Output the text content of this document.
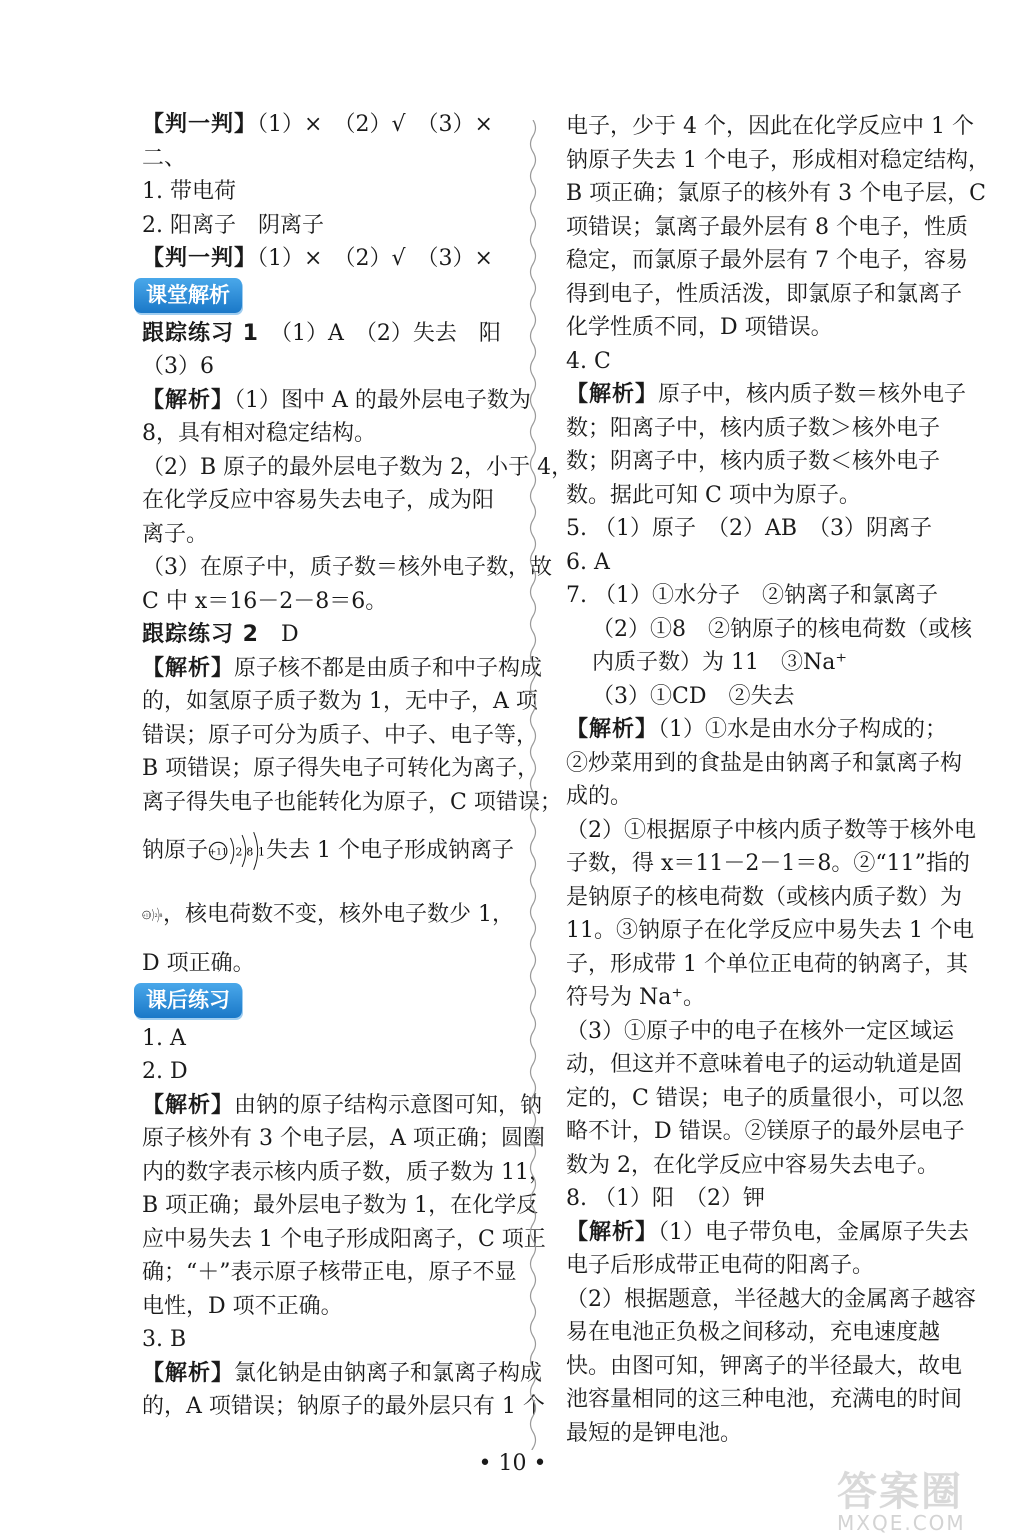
【判一判】（1）×　（2）√　（3）×
二、
1. 带电荷
2. 阳离子　阴离子
【判一判】（1）×　（2）√　（3）×
课堂解析
跟踪练习 1　 （1）A　（2）失去　阳
（3）6
【解析】（1）图中 A 的最外层电子数为
8，具有相对稳定结构。
（2）B 原子的最外层电子数为 2，小于 4，
在化学反应中容易失去电子，成为阳
离子。
（3）在原子中，质子数＝核外电子数，故
C 中 x＝16－2－8＝6。
跟踪练习 2　 D
【解析】原子核不都是由质子和中子构成
的，如氢原子质子数为 1，无中子，A 项
错误；原子可分为质子、中子、电子等，
B 项错误；原子得失电子可转化为离子，
离子得失电子也能转化为原子，C 项错误；
钠原子 +11 2 8 1 失去 1 个电子形成钠离子
+11 2 8 ，核电荷数不变，核外电子数少 1，
D 项正确。
课后练习
1. A
2. D
【解析】由钠的原子结构示意图可知，钠
原子核外有 3 个电子层，A 项正确；圆圈
内的数字表示核内质子数，质子数为 11，
B 项正确；最外层电子数为 1，在化学反
应中易失去 1 个电子形成阳离子，C 项正
确；“＋”表示原子核带正电，原子不显
电性，D 项不正确。
3. B
【解析】氯化钠是由钠离子和氯离子构成
的，A 项错误；钠原子的最外层只有 1 个
电子，少于 4 个，因此在化学反应中 1 个
钠原子失去 1 个电子，形成相对稳定结构，
B 项正确；氯原子的核外有 3 个电子层，C
项错误；氯离子最外层有 8 个电子，性质
稳定，而氯原子最外层有 7 个电子，容易
得到电子，性质活泼，即氯原子和氯离子
化学性质不同，D 项错误。
4. C
【解析】原子中，核内质子数＝核外电子
数；阳离子中，核内质子数＞核外电子
数；阴离子中，核内质子数＜核外电子
数。据此可知 C 项中为原子。
5. （1）原子　（2）AB　（3）阴离子
6. A
7. （1）①水分子　②钠离子和氯离子
（2）①8　②钠原子的核电荷数（或核
内质子数）为 11　③Na⁺
（3）①CD　②失去
【解析】（1）①水是由水分子构成的；
②炒菜用到的食盐是由钠离子和氯离子构
成的。
（2）①根据原子中核内质子数等于核外电
子数，得 x＝11－2－1＝8。②“11”指的
是钠原子的核电荷数（或核内质子数）为
11。③钠原子在化学反应中易失去 1 个电
子，形成带 1 个单位正电荷的钠离子，其
符号为 Na⁺。
（3）①原子中的电子在核外一定区域运
动，但这并不意味着电子的运动轨道是固
定的，C 错误；电子的质量很小，可以忽
略不计，D 错误。②镁原子的最外层电子
数为 2，在化学反应中容易失去电子。
8. （1）阳　（2）钾
【解析】（1）电子带负电，金属原子失去
电子后形成带正电荷的阳离子。
（2）根据题意，半径越大的金属离子越容
易在电池正负极之间移动，充电速度越
快。由图可知，钾离子的半径最大，故电
池容量相同的这三种电池，充满电的时间
最短的是钾电池。
• 10 •
答案圈
MXQE.COM
